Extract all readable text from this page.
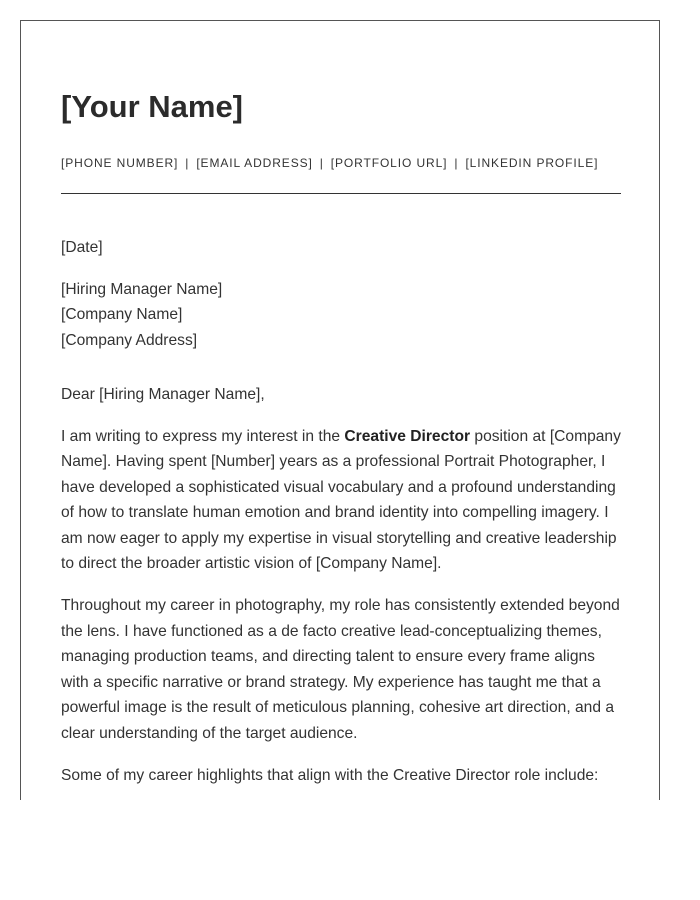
[Your Name]
[PHONE NUMBER] | [EMAIL ADDRESS] | [PORTFOLIO URL] | [LINKEDIN PROFILE]

[Date]

[Hiring Manager Name]

[Company Name]

[Company Address]

Dear [Hiring Manager Name],

I am writing to express my interest in the Creative Director position at [Company Name]. Having spent [Number] years as a professional Portrait Photographer, I have developed a sophisticated visual vocabulary and a profound understanding of how to translate human emotion and brand identity into compelling imagery. I am now eager to apply my expertise in visual storytelling and creative leadership to direct the broader artistic vision of [Company Name].

Throughout my career in photography, my role has consistently extended beyond the lens. I have functioned as a de facto creative lead-conceptualizing themes, managing production teams, and directing talent to ensure every frame aligns with a specific narrative or brand strategy. My experience has taught me that a powerful image is the result of meticulous planning, cohesive art direction, and a clear understanding of the target audience.

Some of my career highlights that align with the Creative Director role include:
